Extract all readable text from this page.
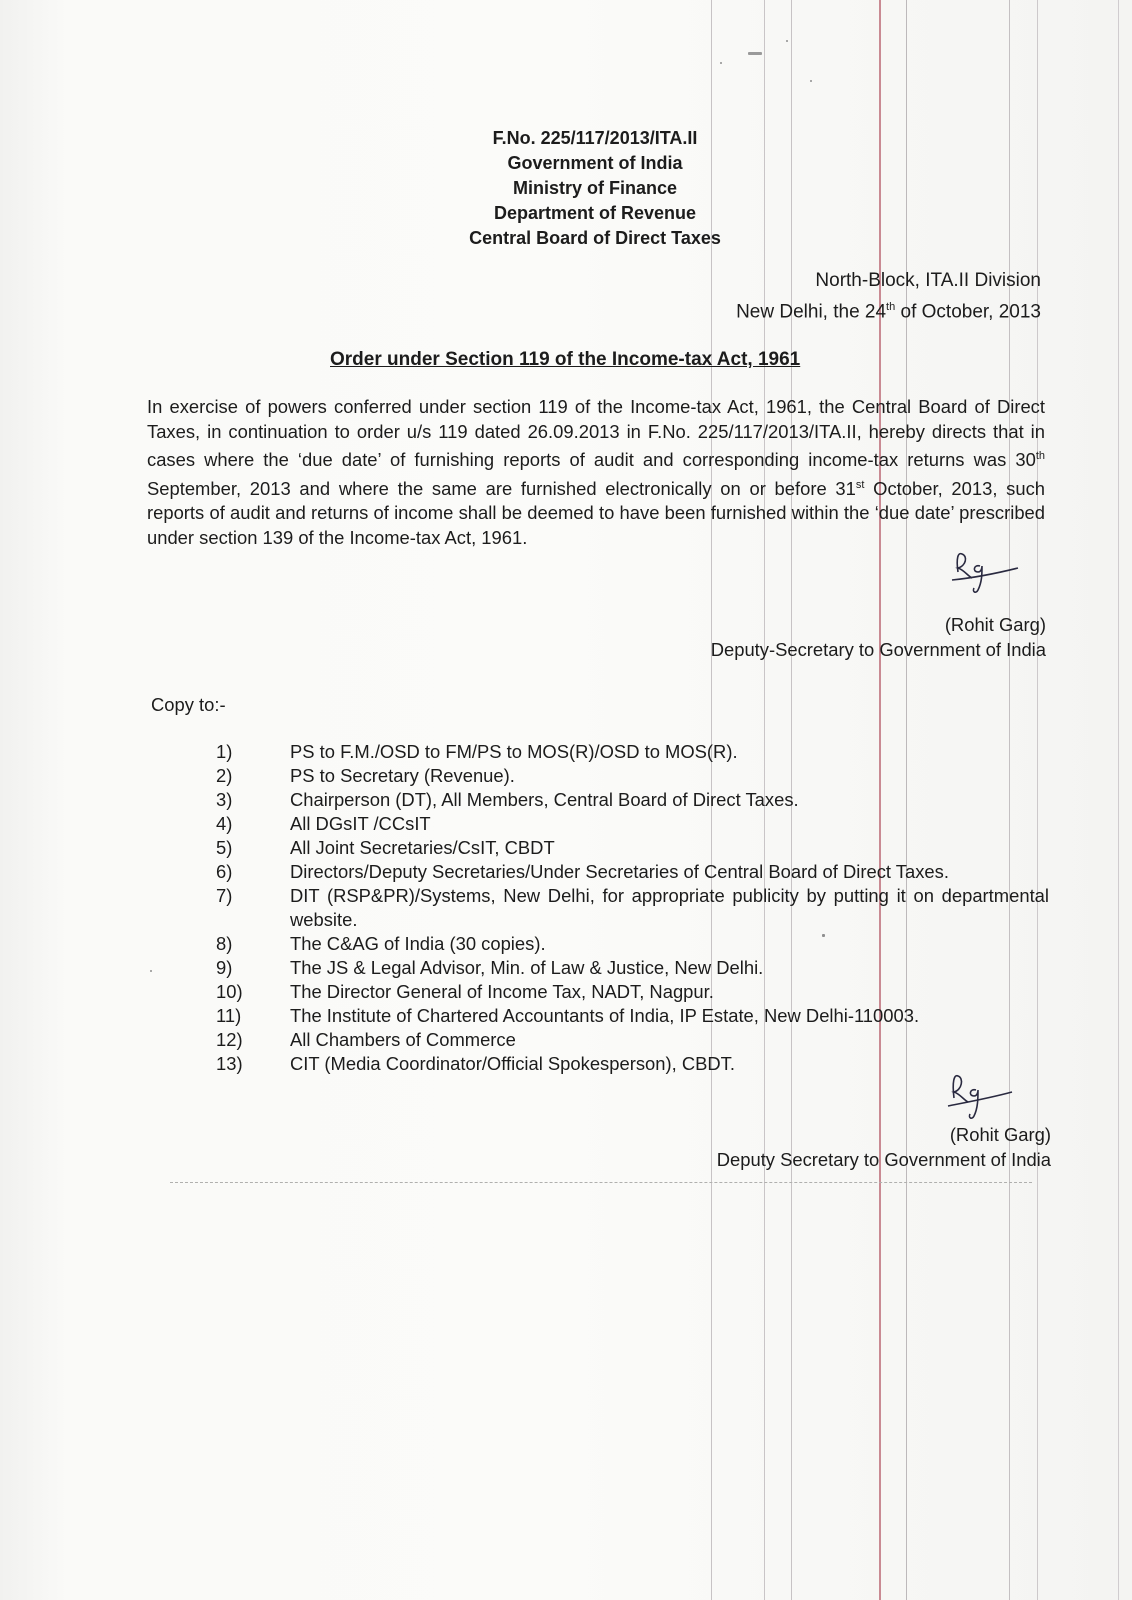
F.No. 225/117/2013/ITA.II
Government of India
Ministry of Finance
Department of Revenue
Central Board of Direct Taxes
North-Block, ITA.II Division
New Delhi, the 24th of October, 2013
Order under Section 119 of the Income-tax Act, 1961
In exercise of powers conferred under section 119 of the Income-tax Act, 1961, the Central Board of Direct Taxes, in continuation to order u/s 119 dated 26.09.2013 in F.No. 225/117/2013/ITA.II, hereby directs that in cases where the ‘due date’ of furnishing reports of audit and corresponding income-tax returns was 30th September, 2013 and where the same are furnished electronically on or before 31st October, 2013, such reports of audit and returns of income shall be deemed to have been furnished within the ‘due date’ prescribed under section 139 of the Income-tax Act, 1961.
(Rohit Garg)
Deputy-Secretary to Government of India
Copy to:-
1)	PS to F.M./OSD to FM/PS to MOS(R)/OSD to MOS(R).
2)	PS to Secretary (Revenue).
3)	Chairperson (DT), All Members, Central Board of Direct Taxes.
4)	All DGsIT /CCsIT
5)	All Joint Secretaries/CsIT, CBDT
6)	Directors/Deputy Secretaries/Under Secretaries of Central Board of Direct Taxes.
7)	DIT (RSP&PR)/Systems, New Delhi, for appropriate publicity by putting it on departmental website.
8)	The C&AG of India (30 copies).
9)	The JS & Legal Advisor, Min. of Law & Justice, New Delhi.
10)	The Director General of Income Tax, NADT, Nagpur.
11)	The Institute of Chartered Accountants of India, IP Estate, New Delhi-110003.
12)	All Chambers of Commerce
13)	CIT (Media Coordinator/Official Spokesperson), CBDT.
(Rohit Garg)
Deputy Secretary to Government of India
